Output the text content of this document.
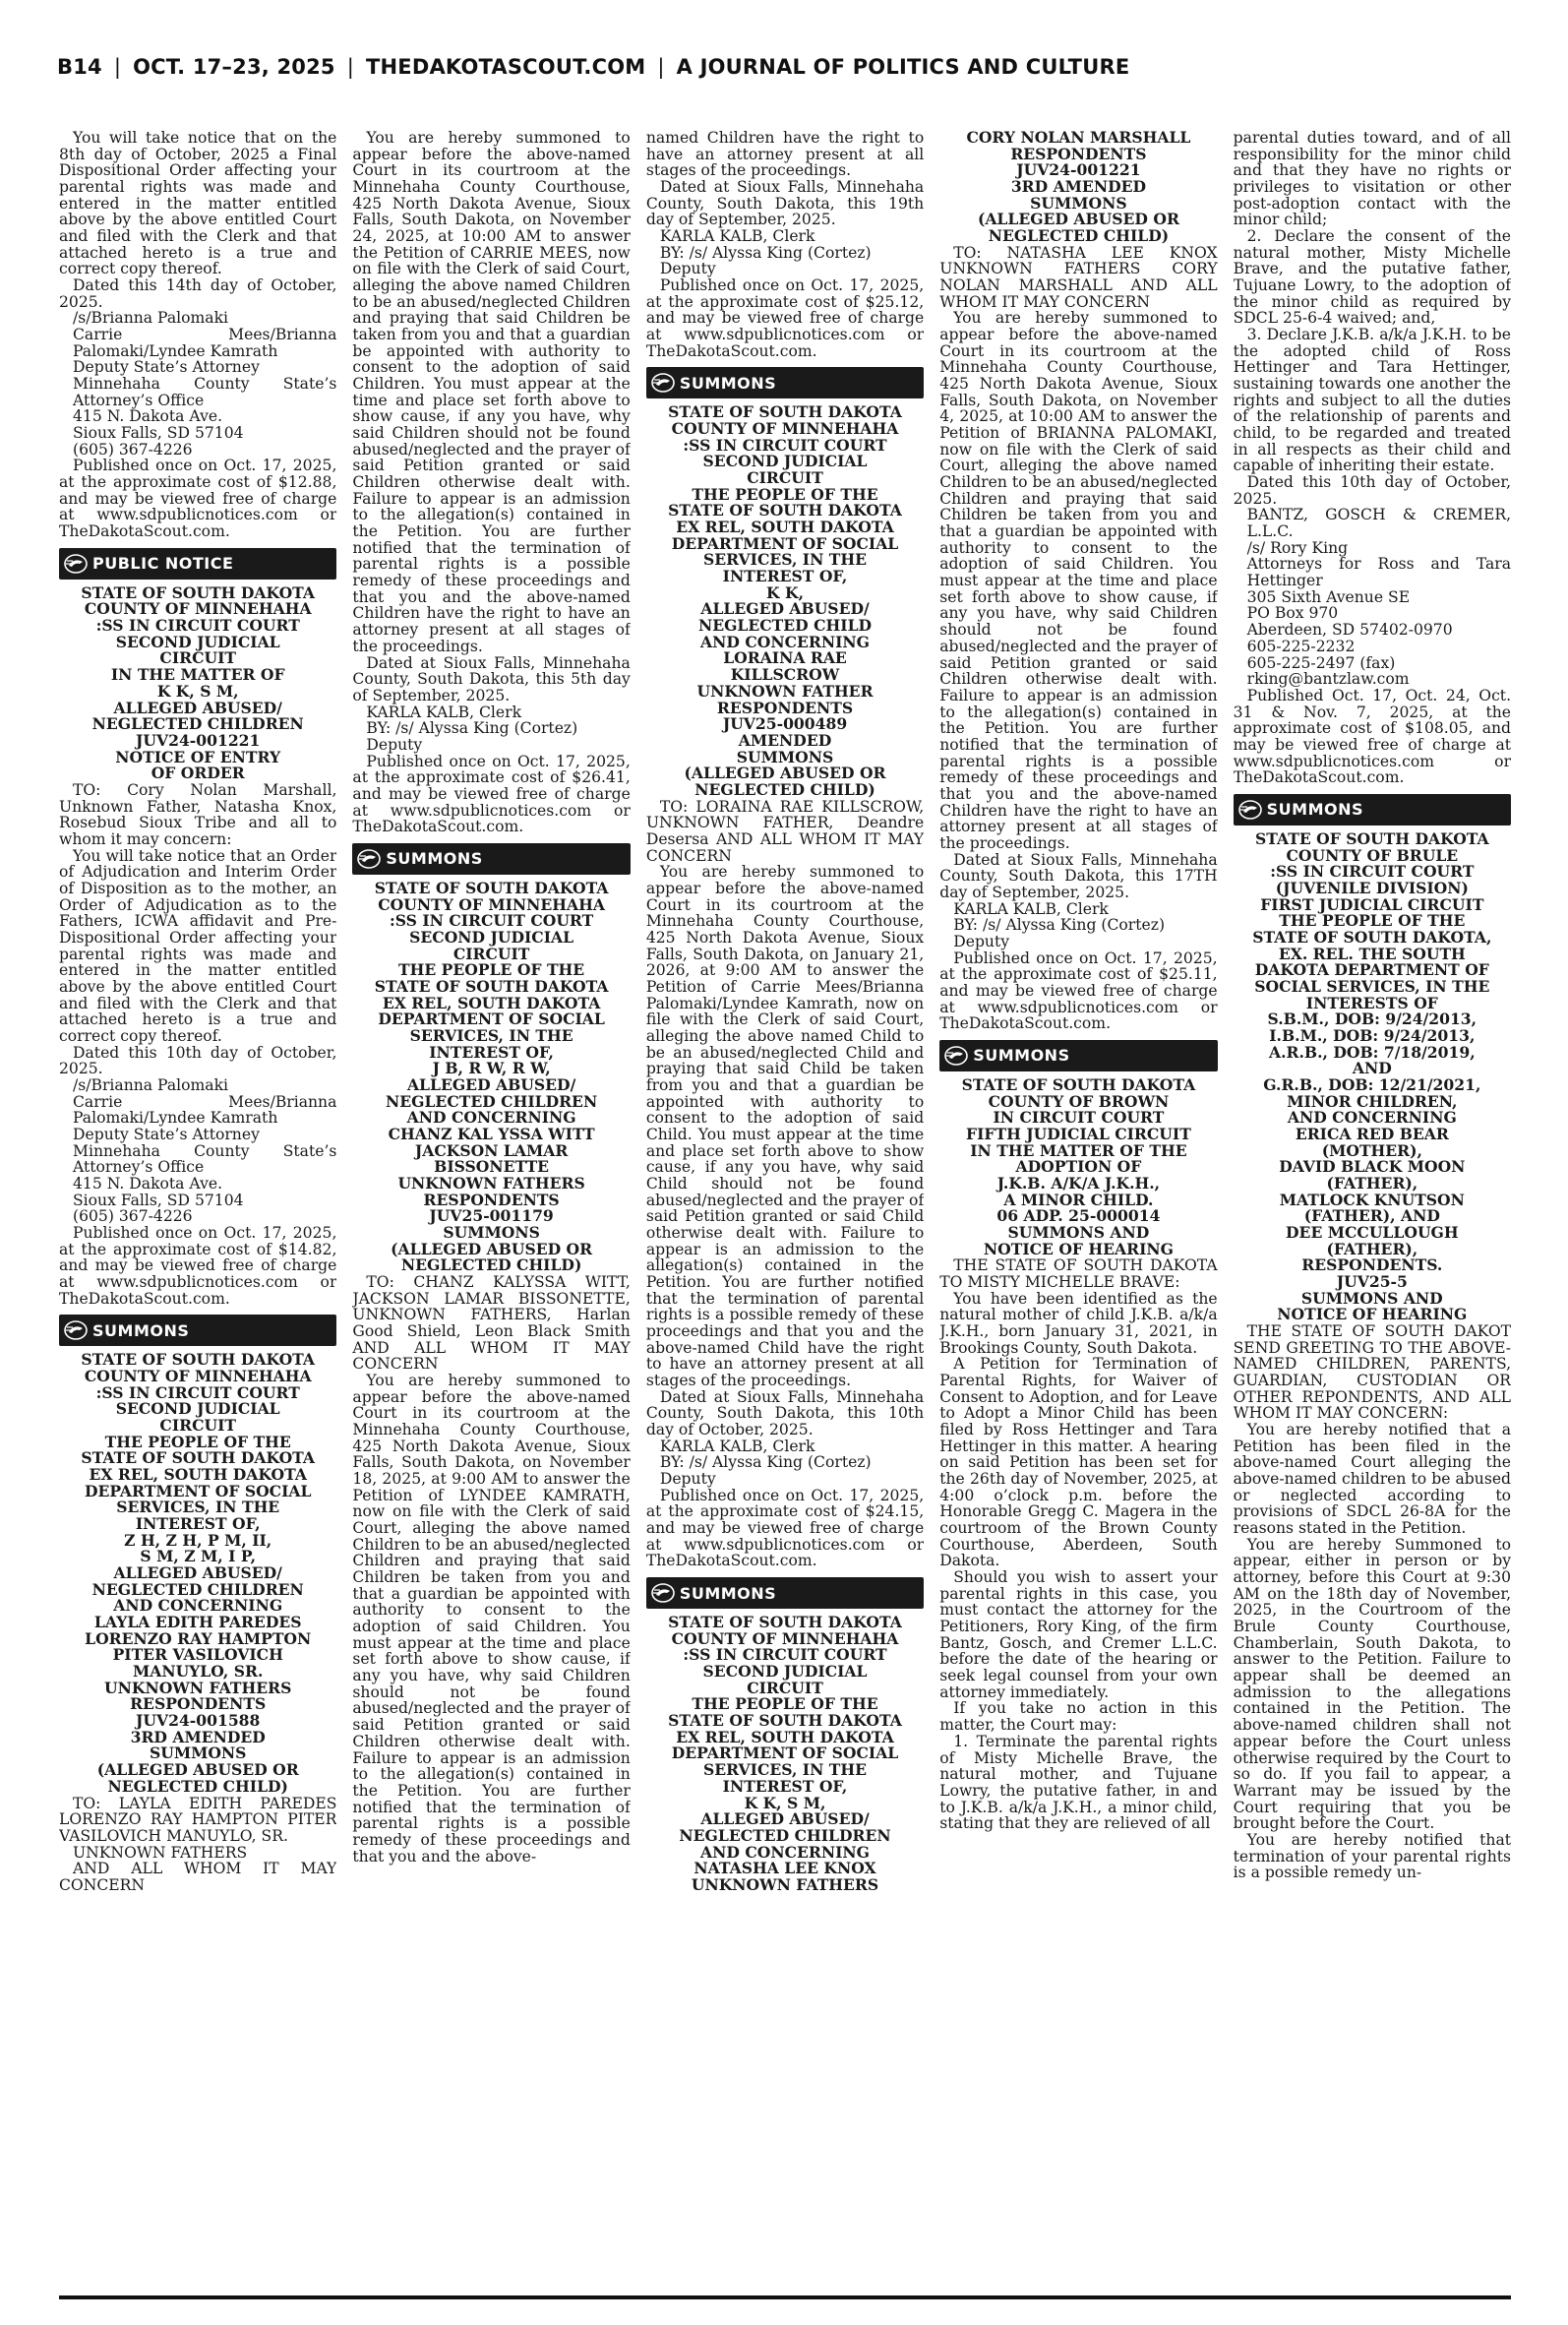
B14 | OCT. 17–23, 2025 | THEDAKOTASCOUT.COM | A JOURNAL OF POLITICS AND CULTURE

You will take notice that on the 8th day of October, 2025 a Final Dispositional Order affecting your parental rights was made and entered in the matter entitled above by the above entitled Court and filed with the Clerk and that attached hereto is a true and correct copy thereof.

Dated this 14th day of October, 2025.

/s/Brianna Palomaki

Carrie Mees/Brianna Palomaki/Lyndee Kamrath

Deputy State’s Attorney

Minnehaha County State’s Attorney’s Office

415 N. Dakota Ave.

Sioux Falls, SD 57104

(605) 367-4226

Published once on Oct. 17, 2025, at the approximate cost of $12.88, and may be viewed free of charge at www.sdpublicnotices.com or TheDakotaScout.com.

PUBLIC NOTICE

STATE OF SOUTH DAKOTA
COUNTY OF MINNEHAHA
:SS IN CIRCUIT COURT
SECOND JUDICIAL
CIRCUIT
IN THE MATTER OF
K K, S M,
ALLEGED ABUSED/
NEGLECTED CHILDREN
JUV24-001221
NOTICE OF ENTRY
OF ORDER

TO: Cory Nolan Marshall, Unknown Father, Natasha Knox, Rosebud Sioux Tribe and all to whom it may concern:

You will take notice that an Order of Adjudication and Interim Order of Disposition as to the mother, an Order of Adjudication as to the Fathers, ICWA affidavit and Pre-Dispositional Order affecting your parental rights was made and entered in the matter entitled above by the above entitled Court and filed with the Clerk and that attached hereto is a true and correct copy thereof.

Dated this 10th day of October, 2025.

/s/Brianna Palomaki

Carrie Mees/Brianna Palomaki/Lyndee Kamrath

Deputy State’s Attorney

Minnehaha County State’s Attorney’s Office

415 N. Dakota Ave.

Sioux Falls, SD 57104

(605) 367-4226

Published once on Oct. 17, 2025, at the approximate cost of $14.82, and may be viewed free of charge at www.sdpublicnotices.com or TheDakotaScout.com.

SUMMONS

STATE OF SOUTH DAKOTA
COUNTY OF MINNEHAHA
:SS IN CIRCUIT COURT
SECOND JUDICIAL
CIRCUIT
THE PEOPLE OF THE
STATE OF SOUTH DAKOTA
EX REL, SOUTH DAKOTA
DEPARTMENT OF SOCIAL
SERVICES, IN THE
INTEREST OF,
Z H, Z H, P M, II,
S M, Z M, I P,
ALLEGED ABUSED/
NEGLECTED CHILDREN
AND CONCERNING
LAYLA EDITH PAREDES
LORENZO RAY HAMPTON
PITER VASILOVICH
MANUYLO, SR.
UNKNOWN FATHERS
RESPONDENTS
JUV24-001588
3RD AMENDED
SUMMONS
(ALLEGED ABUSED OR
NEGLECTED CHILD)

TO: LAYLA EDITH PAREDES LORENZO RAY HAMPTON PITER VASILOVICH MANUYLO, SR.

UNKNOWN FATHERS

AND ALL WHOM IT MAY CONCERN

You are hereby summoned to appear before the above-named Court in its courtroom at the Minnehaha County Courthouse, 425 North Dakota Avenue, Sioux Falls, South Dakota, on November 24, 2025, at 10:00 AM to answer the Petition of CARRIE MEES, now on file with the Clerk of said Court, alleging the above named Children to be an abused/neglected Children and praying that said Children be taken from you and that a guardian be appointed with authority to consent to the adoption of said Children. You must appear at the time and place set forth above to show cause, if any you have, why said Children should not be found abused/neglected and the prayer of said Petition granted or said Children otherwise dealt with. Failure to appear is an admission to the allegation(s) contained in the Petition. You are further notified that the termination of parental rights is a possible remedy of these proceedings and that you and the above-named Children have the right to have an attorney present at all stages of the proceedings.

Dated at Sioux Falls, Minnehaha County, South Dakota, this 5th day of September, 2025.

KARLA KALB, Clerk

BY: /s/ Alyssa King (Cortez)

Deputy

Published once on Oct. 17, 2025, at the approximate cost of $26.41, and may be viewed free of charge at www.sdpublicnotices.com or TheDakotaScout.com.

SUMMONS

STATE OF SOUTH DAKOTA
COUNTY OF MINNEHAHA
:SS IN CIRCUIT COURT
SECOND JUDICIAL
CIRCUIT
THE PEOPLE OF THE
STATE OF SOUTH DAKOTA
EX REL, SOUTH DAKOTA
DEPARTMENT OF SOCIAL
SERVICES, IN THE
INTEREST OF,
J B, R W, R W,
ALLEGED ABUSED/
NEGLECTED CHILDREN
AND CONCERNING
CHANZ KAL YSSA WITT
JACKSON LAMAR
BISSONETTE
UNKNOWN FATHERS
RESPONDENTS
JUV25-001179
SUMMONS
(ALLEGED ABUSED OR
NEGLECTED CHILD)

TO: CHANZ KALYSSA WITT, JACKSON LAMAR BISSONETTE, UNKNOWN FATHERS, Harlan Good Shield, Leon Black Smith AND ALL WHOM IT MAY CONCERN

You are hereby summoned to appear before the above-named Court in its courtroom at the Minnehaha County Courthouse, 425 North Dakota Avenue, Sioux Falls, South Dakota, on November 18, 2025, at 9:00 AM to answer the Petition of LYNDEE KAMRATH, now on file with the Clerk of said Court, alleging the above named Children to be an abused/neglected Children and praying that said Children be taken from you and that a guardian be appointed with authority to consent to the adoption of said Children. You must appear at the time and place set forth above to show cause, if any you have, why said Children should not be found abused/neglected and the prayer of said Petition granted or said Children otherwise dealt with. Failure to appear is an admission to the allegation(s) contained in the Petition. You are further notified that the termination of parental rights is a possible remedy of these proceedings and that you and the above-

named Children have the right to have an attorney present at all stages of the proceedings.

Dated at Sioux Falls, Minnehaha County, South Dakota, this 19th day of September, 2025.

KARLA KALB, Clerk

BY: /s/ Alyssa King (Cortez)

Deputy

Published once on Oct. 17, 2025, at the approximate cost of $25.12, and may be viewed free of charge at www.sdpublicnotices.com or TheDakotaScout.com.

SUMMONS

STATE OF SOUTH DAKOTA
COUNTY OF MINNEHAHA
:SS IN CIRCUIT COURT
SECOND JUDICIAL
CIRCUIT
THE PEOPLE OF THE
STATE OF SOUTH DAKOTA
EX REL, SOUTH DAKOTA
DEPARTMENT OF SOCIAL
SERVICES, IN THE
INTEREST OF,
K K,
ALLEGED ABUSED/
NEGLECTED CHILD
AND CONCERNING
LORAINA RAE
KILLSCROW
UNKNOWN FATHER
RESPONDENTS
JUV25-000489
AMENDED
SUMMONS
(ALLEGED ABUSED OR
NEGLECTED CHILD)

TO: LORAINA RAE KILLSCROW, UNKNOWN FATHER, Deandre Desersa AND ALL WHOM IT MAY CONCERN

You are hereby summoned to appear before the above-named Court in its courtroom at the Minnehaha County Courthouse, 425 North Dakota Avenue, Sioux Falls, South Dakota, on January 21, 2026, at 9:00 AM to answer the Petition of Carrie Mees/Brianna Palomaki/Lyndee Kamrath, now on file with the Clerk of said Court, alleging the above named Child to be an abused/neglected Child and praying that said Child be taken from you and that a guardian be appointed with authority to consent to the adoption of said Child. You must appear at the time and place set forth above to show cause, if any you have, why said Child should not be found abused/neglected and the prayer of said Petition granted or said Child otherwise dealt with. Failure to appear is an admission to the allegation(s) contained in the Petition. You are further notified that the termination of parental rights is a possible remedy of these proceedings and that you and the above-named Child have the right to have an attorney present at all stages of the proceedings.

Dated at Sioux Falls, Minnehaha County, South Dakota, this 10th day of October, 2025.

KARLA KALB, Clerk

BY: /s/ Alyssa King (Cortez)

Deputy

Published once on Oct. 17, 2025, at the approximate cost of $24.15, and may be viewed free of charge at www.sdpublicnotices.com or TheDakotaScout.com.

SUMMONS

STATE OF SOUTH DAKOTA
COUNTY OF MINNEHAHA
:SS IN CIRCUIT COURT
SECOND JUDICIAL
CIRCUIT
THE PEOPLE OF THE
STATE OF SOUTH DAKOTA
EX REL, SOUTH DAKOTA
DEPARTMENT OF SOCIAL
SERVICES, IN THE
INTEREST OF,
K K, S M,
ALLEGED ABUSED/
NEGLECTED CHILDREN
AND CONCERNING
NATASHA LEE KNOX
UNKNOWN FATHERS

CORY NOLAN MARSHALL
RESPONDENTS
JUV24-001221
3RD AMENDED
SUMMONS
(ALLEGED ABUSED OR
NEGLECTED CHILD)

TO: NATASHA LEE KNOX UNKNOWN FATHERS CORY NOLAN MARSHALL AND ALL WHOM IT MAY CONCERN

You are hereby summoned to appear before the above-named Court in its courtroom at the Minnehaha County Courthouse, 425 North Dakota Avenue, Sioux Falls, South Dakota, on November 4, 2025, at 10:00 AM to answer the Petition of BRIANNA PALOMAKI, now on file with the Clerk of said Court, alleging the above named Children to be an abused/neglected Children and praying that said Children be taken from you and that a guardian be appointed with authority to consent to the adoption of said Children. You must appear at the time and place set forth above to show cause, if any you have, why said Children should not be found abused/neglected and the prayer of said Petition granted or said Children otherwise dealt with. Failure to appear is an admission to the allegation(s) contained in the Petition. You are further notified that the termination of parental rights is a possible remedy of these proceedings and that you and the above-named Children have the right to have an attorney present at all stages of the proceedings.

Dated at Sioux Falls, Minnehaha County, South Dakota, this 17TH day of September, 2025.

KARLA KALB, Clerk

BY: /s/ Alyssa King (Cortez)

Deputy

Published once on Oct. 17, 2025, at the approximate cost of $25.11, and may be viewed free of charge at www.sdpublicnotices.com or TheDakotaScout.com.

SUMMONS

STATE OF SOUTH DAKOTA
COUNTY OF BROWN
IN CIRCUIT COURT
FIFTH JUDICIAL CIRCUIT
IN THE MATTER OF THE
ADOPTION OF
J.K.B. A/K/A J.K.H.,
A MINOR CHILD.
06 ADP. 25-000014
SUMMONS AND
NOTICE OF HEARING

THE STATE OF SOUTH DAKOTA TO MISTY MICHELLE BRAVE:

You have been identified as the natural mother of child J.K.B. a/k/a J.K.H., born January 31, 2021, in Brookings County, South Dakota.

A Petition for Termination of Parental Rights, for Waiver of Consent to Adoption, and for Leave to Adopt a Minor Child has been filed by Ross Hettinger and Tara Hettinger in this matter. A hearing on said Petition has been set for the 26th day of November, 2025, at 4:00 o’clock p.m. before the Honorable Gregg C. Magera in the courtroom of the Brown County Courthouse, Aberdeen, South Dakota.

Should you wish to assert your parental rights in this case, you must contact the attorney for the Petitioners, Rory King, of the firm Bantz, Gosch, and Cremer L.L.C. before the date of the hearing or seek legal counsel from your own attorney immediately.

If you take no action in this matter, the Court may:

1. Terminate the parental rights of Misty Michelle Brave, the natural mother, and Tujuane Lowry, the putative father, in and to J.K.B. a/k/a J.K.H., a minor child, stating that they are relieved of all

parental duties toward, and of all responsibility for the minor child and that they have no rights or privileges to visitation or other post-adoption contact with the minor child;

2. Declare the consent of the natural mother, Misty Michelle Brave, and the putative father, Tujuane Lowry, to the adoption of the minor child as required by SDCL 25-6-4 waived; and,

3. Declare J.K.B. a/k/a J.K.H. to be the adopted child of Ross Hettinger and Tara Hettinger, sustaining towards one another the rights and subject to all the duties of the relationship of parents and child, to be regarded and treated in all respects as their child and capable of inheriting their estate.

Dated this 10th day of October, 2025.

BANTZ, GOSCH & CREMER, L.L.C.

/s/ Rory King

Attorneys for Ross and Tara Hettinger

305 Sixth Avenue SE

PO Box 970

Aberdeen, SD 57402-0970

605-225-2232

605-225-2497 (fax)

rking@bantzlaw.com

Published Oct. 17, Oct. 24, Oct. 31 & Nov. 7, 2025, at the approximate cost of $108.05, and may be viewed free of charge at www.sdpublicnotices.com or TheDakotaScout.com.

SUMMONS

STATE OF SOUTH DAKOTA
COUNTY OF BRULE
:SS IN CIRCUIT COURT
(JUVENILE DIVISION)
FIRST JUDICIAL CIRCUIT
THE PEOPLE OF THE
STATE OF SOUTH DAKOTA,
EX. REL. THE SOUTH
DAKOTA DEPARTMENT OF
SOCIAL SERVICES, IN THE
INTERESTS OF
S.B.M., DOB: 9/24/2013,
I.B.M., DOB: 9/24/2013,
A.R.B., DOB: 7/18/2019,
AND
G.R.B., DOB: 12/21/2021,
MINOR CHILDREN,
AND CONCERNING
ERICA RED BEAR
(MOTHER),
DAVID BLACK MOON
(FATHER),
MATLOCK KNUTSON
(FATHER), AND
DEE MCCULLOUGH
(FATHER),
RESPONDENTS.
JUV25-5
SUMMONS AND
NOTICE OF HEARING

THE STATE OF SOUTH DAKOT SEND GREETING TO THE ABOVE-NAMED CHILDREN, PARENTS, GUARDIAN, CUSTODIAN OR OTHER REPONDENTS, AND ALL WHOM IT MAY CONCERN:

You are hereby notified that a Petition has been filed in the above-named Court alleging the above-named children to be abused or neglected according to provisions of SDCL 26-8A for the reasons stated in the Petition.

You are hereby Summoned to appear, either in person or by attorney, before this Court at 9:30 AM on the 18th day of November, 2025, in the Courtroom of the Brule County Courthouse, Chamberlain, South Dakota, to answer to the Petition. Failure to appear shall be deemed an admission to the allegations contained in the Petition. The above-named children shall not appear before the Court unless otherwise required by the Court to so do. If you fail to appear, a Warrant may be issued by the Court requiring that you be brought before the Court.

You are hereby notified that termination of your parental rights is a possible remedy un-
